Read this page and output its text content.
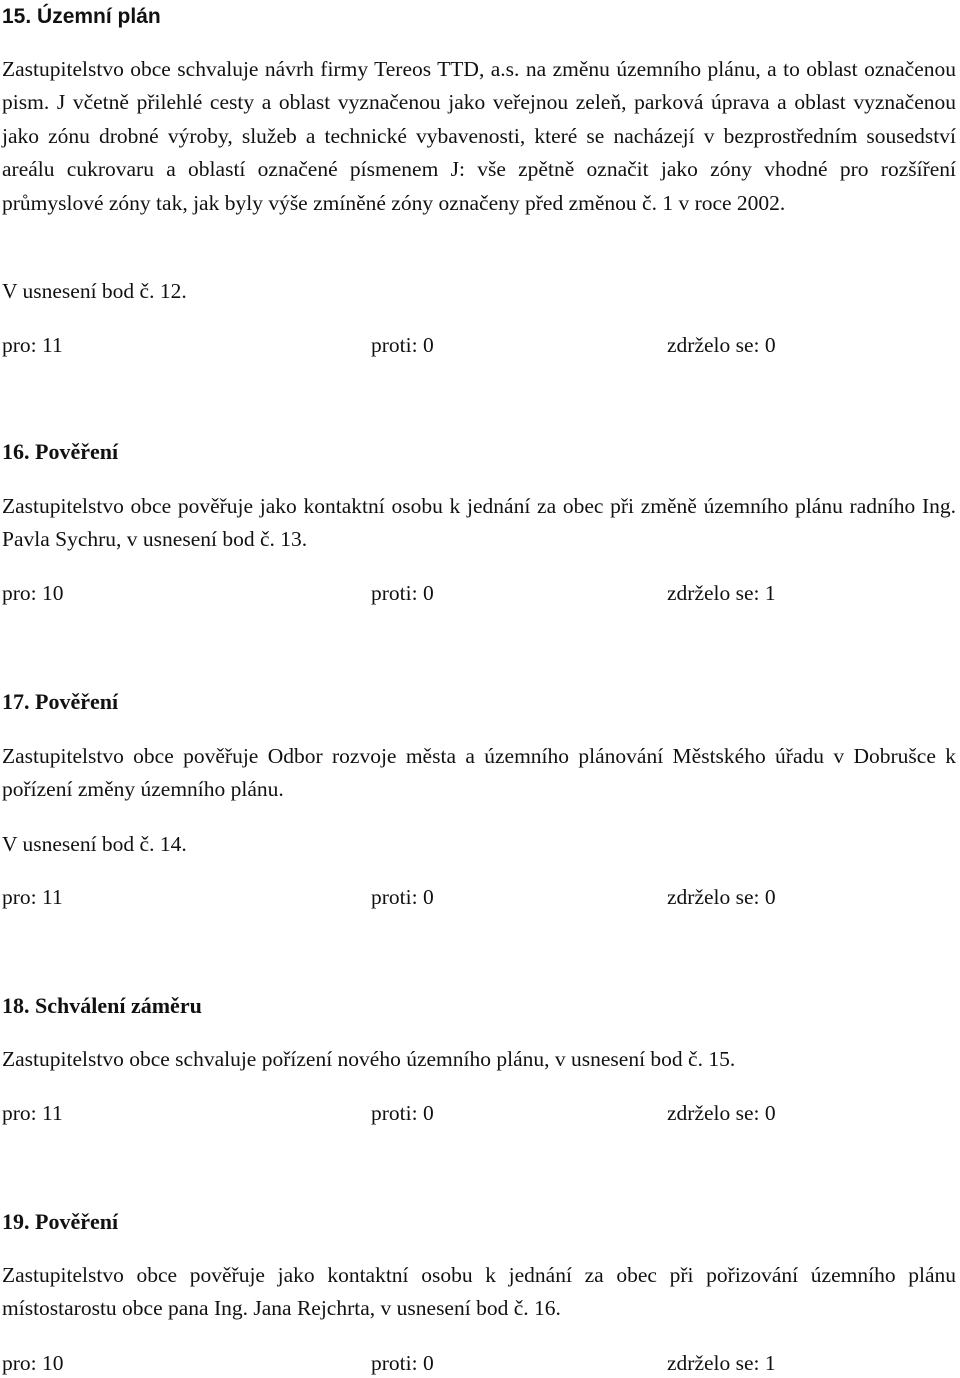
15. Územní plán
Zastupitelstvo obce schvaluje návrh firmy Tereos TTD, a.s. na změnu územního plánu, a to oblast označenou pism. J včetně přilehlé cesty a oblast vyznačenou jako veřejnou zeleň, parková úprava a oblast vyznačenou jako zónu drobné výroby, služeb a technické vybavenosti, které se nacházejí v bezprostředním sousedství areálu cukrovaru a oblastí označené písmenem J: vše zpětně označit jako zóny vhodné pro rozšíření průmyslové zóny tak, jak byly výše zmíněné zóny označeny před změnou č. 1 v roce 2002.
V usnesení bod č. 12.
pro: 11	proti: 0	zdrželo se: 0
16. Pověření
Zastupitelstvo obce pověřuje jako kontaktní osobu k jednání za obec při změně územního plánu radního Ing. Pavla Sychru, v usnesení bod č. 13.
pro: 10	proti: 0	zdrželo se: 1
17. Pověření
Zastupitelstvo obce pověřuje Odbor rozvoje města a územního plánování Městského úřadu v Dobrušce k pořízení změny územního plánu.
V usnesení bod č. 14.
pro: 11	proti: 0	zdrželo se: 0
18. Schválení záměru
Zastupitelstvo obce schvaluje pořízení nového územního plánu, v usnesení bod č. 15.
pro: 11	proti: 0	zdrželo se: 0
19. Pověření
Zastupitelstvo obce pověřuje jako kontaktní osobu k jednání za obec při pořizování územního plánu místostarostu obce pana Ing. Jana Rejchrta, v usnesení bod č. 16.
pro: 10	proti: 0	zdrželo se: 1
